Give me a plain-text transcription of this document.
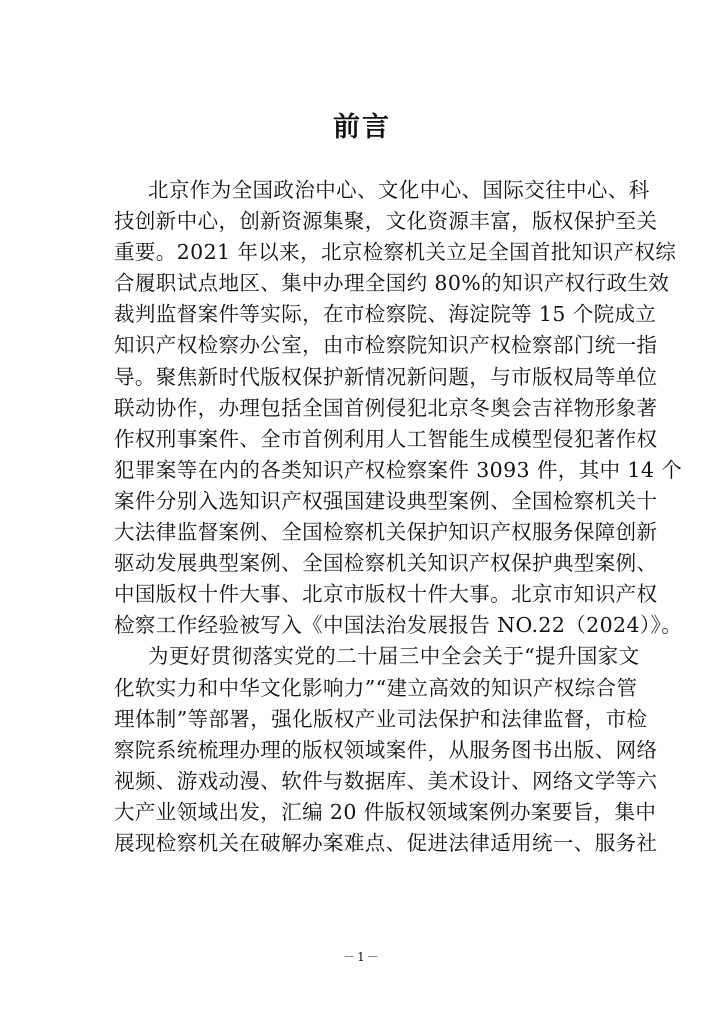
前言
北京作为全国政治中心、文化中心、国际交往中心、科
技创新中心，创新资源集聚，文化资源丰富，版权保护至关
重要。2021 年以来，北京检察机关立足全国首批知识产权综
合履职试点地区、集中办理全国约 80%的知识产权行政生效
裁判监督案件等实际，在市检察院、海淀院等 15 个院成立
知识产权检察办公室，由市检察院知识产权检察部门统一指
导。聚焦新时代版权保护新情况新问题，与市版权局等单位
联动协作，办理包括全国首例侵犯北京冬奥会吉祥物形象著
作权刑事案件、全市首例利用人工智能生成模型侵犯著作权
犯罪案等在内的各类知识产权检察案件 3093 件，其中 14 个
案件分别入选知识产权强国建设典型案例、全国检察机关十
大法律监督案例、全国检察机关保护知识产权服务保障创新
驱动发展典型案例、全国检察机关知识产权保护典型案例、
中国版权十件大事、北京市版权十件大事。北京市知识产权
检察工作经验被写入《中国法治发展报告 NO.22（2024）》。
为更好贯彻落实党的二十届三中全会关于“提升国家文
化软实力和中华文化影响力”“建立高效的知识产权综合管
理体制”等部署，强化版权产业司法保护和法律监督，市检
察院系统梳理办理的版权领域案件，从服务图书出版、网络
视频、游戏动漫、软件与数据库、美术设计、网络文学等六
大产业领域出发，汇编 20 件版权领域案例办案要旨，集中
展现检察机关在破解办案难点、促进法律适用统一、服务社
－1－
